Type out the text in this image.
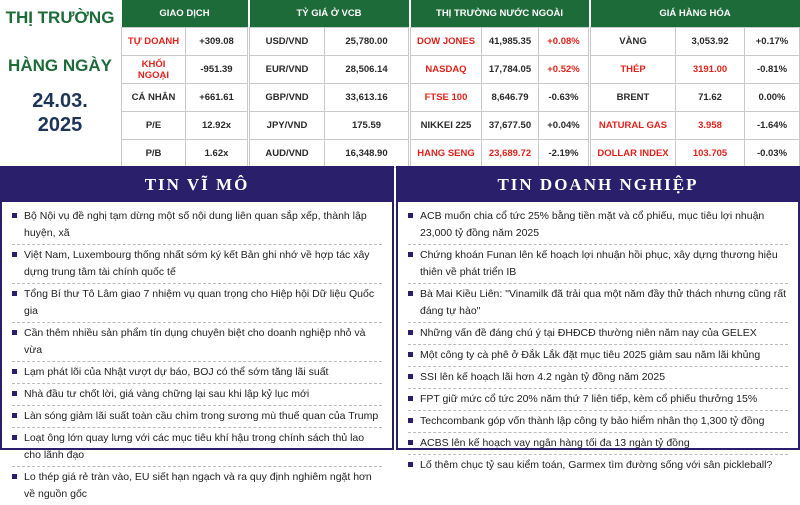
THỊ TRƯỜNG
HÀNG NGÀY
24.03.
2025
GIAO DỊCH	
TỰ DOANH	+309.08
KHỐI NGOẠI	-951.39
CÁ NHÂN	+661.61
P/E	12.92x
P/B	1.62x
TỶ GIÁ Ở VCB	
USD/VND	25,780.00
EUR/VND	28,506.14
GBP/VND	33,613.16
JPY/VND	175.59
AUD/VND	16,348.90
THỊ TRƯỜNG NƯỚC NGOÀI		
DOW JONES	41,985.35	+0.08%
NASDAQ	17,784.05	+0.52%
FTSE 100	8,646.79	-0.63%
NIKKEI 225	37,677.50	+0.04%
HANG SENG	23,689.72	-2.19%
GIÁ HÀNG HÓA		
VÀNG	3,053.92	+0.17%
THÉP	3191.00	-0.81%
BRENT	71.62	0.00%
NATURAL GAS	3.958	-1.64%
DOLLAR INDEX	103.705	-0.03%
TIN VĨ MÔ
Bộ Nội vụ đề nghị tạm dừng một số nội dung liên quan sắp xếp, thành lập huyện, xã
Việt Nam, Luxembourg thống nhất sớm ký kết Bản ghi nhớ về hợp tác xây dựng trung tâm tài chính quốc tế
Tổng Bí thư Tô Lâm giao 7 nhiệm vụ quan trọng cho Hiệp hội Dữ liệu Quốc gia
Cần thêm nhiều sản phẩm tín dụng chuyên biệt cho doanh nghiệp nhỏ và vừa
Lạm phát lõi của Nhật vượt dự báo, BOJ có thể sớm tăng lãi suất
Nhà đầu tư chốt lời, giá vàng chững lại sau khi lập kỷ lục mới
Làn sóng giảm lãi suất toàn cầu chìm trong sương mù thuế quan của Trump
Loạt ông lớn quay lưng với các mục tiêu khí hậu trong chính sách thủ lao cho lãnh đạo
Lo thép giá rẻ tràn vào, EU siết hạn ngạch và ra quy định nghiêm ngặt hơn về nguồn gốc
TIN DOANH NGHIỆP
ACB muốn chia cổ tức 25% bằng tiền mặt và cổ phiếu, mục tiêu lợi nhuận 23,000 tỷ đồng năm 2025
Chứng khoán Funan lên kế hoạch lợi nhuận hồi phục, xây dựng thương hiệu thiên về phát triển IB
Bà Mai Kiều Liên: "Vinamilk đã trải qua một năm đầy thử thách nhưng cũng rất đáng tự hào"
Những vấn đề đáng chú ý tại ĐHĐCĐ thường niên năm nay của GELEX
Một công ty cà phê ở Đắk Lắk đặt mục tiêu 2025 giảm sau năm lãi khủng
SSI lên kế hoạch lãi hơn 4.2 ngàn tỷ đồng năm 2025
FPT giữ mức cổ tức 20% năm thứ 7 liên tiếp, kèm cổ phiếu thưởng 15%
Techcombank góp vốn thành lập công ty bảo hiểm nhân thọ 1,300 tỷ đồng
ACBS lên kế hoạch vay ngân hàng tối đa 13 ngàn tỷ đồng
Lố thêm chục tỷ sau kiểm toán, Garmex tìm đường sống với sân pickleball?
